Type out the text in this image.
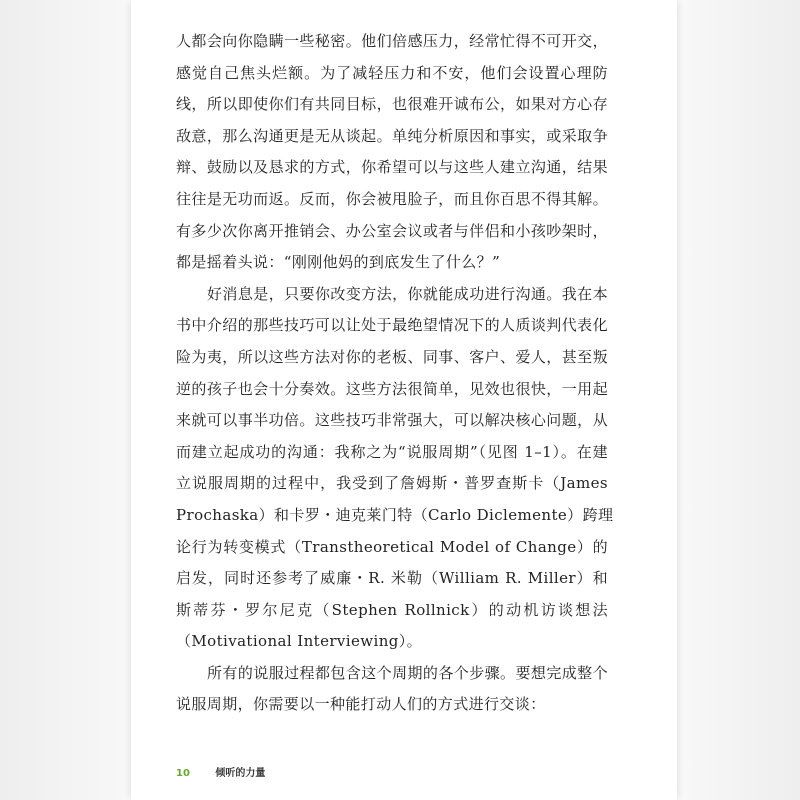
人都会向你隐瞒一些秘密。他们倍感压力，经常忙得不可开交，
感觉自己焦头烂额。为了减轻压力和不安，他们会设置心理防
线，所以即使你们有共同目标，也很难开诚布公，如果对方心存
敌意，那么沟通更是无从谈起。单纯分析原因和事实，或采取争
辩、鼓励以及恳求的方式，你希望可以与这些人建立沟通，结果
往往是无功而返。反而，你会被甩脸子，而且你百思不得其解。
有多少次你离开推销会、办公室会议或者与伴侣和小孩吵架时，
都是摇着头说：“刚刚他妈的到底发生了什么？”
好消息是，只要你改变方法，你就能成功进行沟通。我在本
书中介绍的那些技巧可以让处于最绝望情况下的人质谈判代表化
险为夷，所以这些方法对你的老板、同事、客户、爱人，甚至叛
逆的孩子也会十分奏效。这些方法很简单，见效也很快，一用起
来就可以事半功倍。这些技巧非常强大，可以解决核心问题，从
而建立起成功的沟通：我称之为“说服周期”（见图 1–1）。在建
立说服周期的过程中，我受到了詹姆斯・普罗查斯卡（James
Prochaska）和卡罗・迪克莱门特（Carlo Diclemente）跨理
论行为转变模式（Transtheoretical Model of Change）的
启发，同时还参考了威廉・R. 米勒（William R. Miller）和
斯蒂芬・罗尔尼克（Stephen Rollnick）的动机访谈想法
（Motivational Interviewing）。
所有的说服过程都包含这个周期的各个步骤。要想完成整个
说服周期，你需要以一种能打动人们的方式进行交谈：
10	倾听的力量
